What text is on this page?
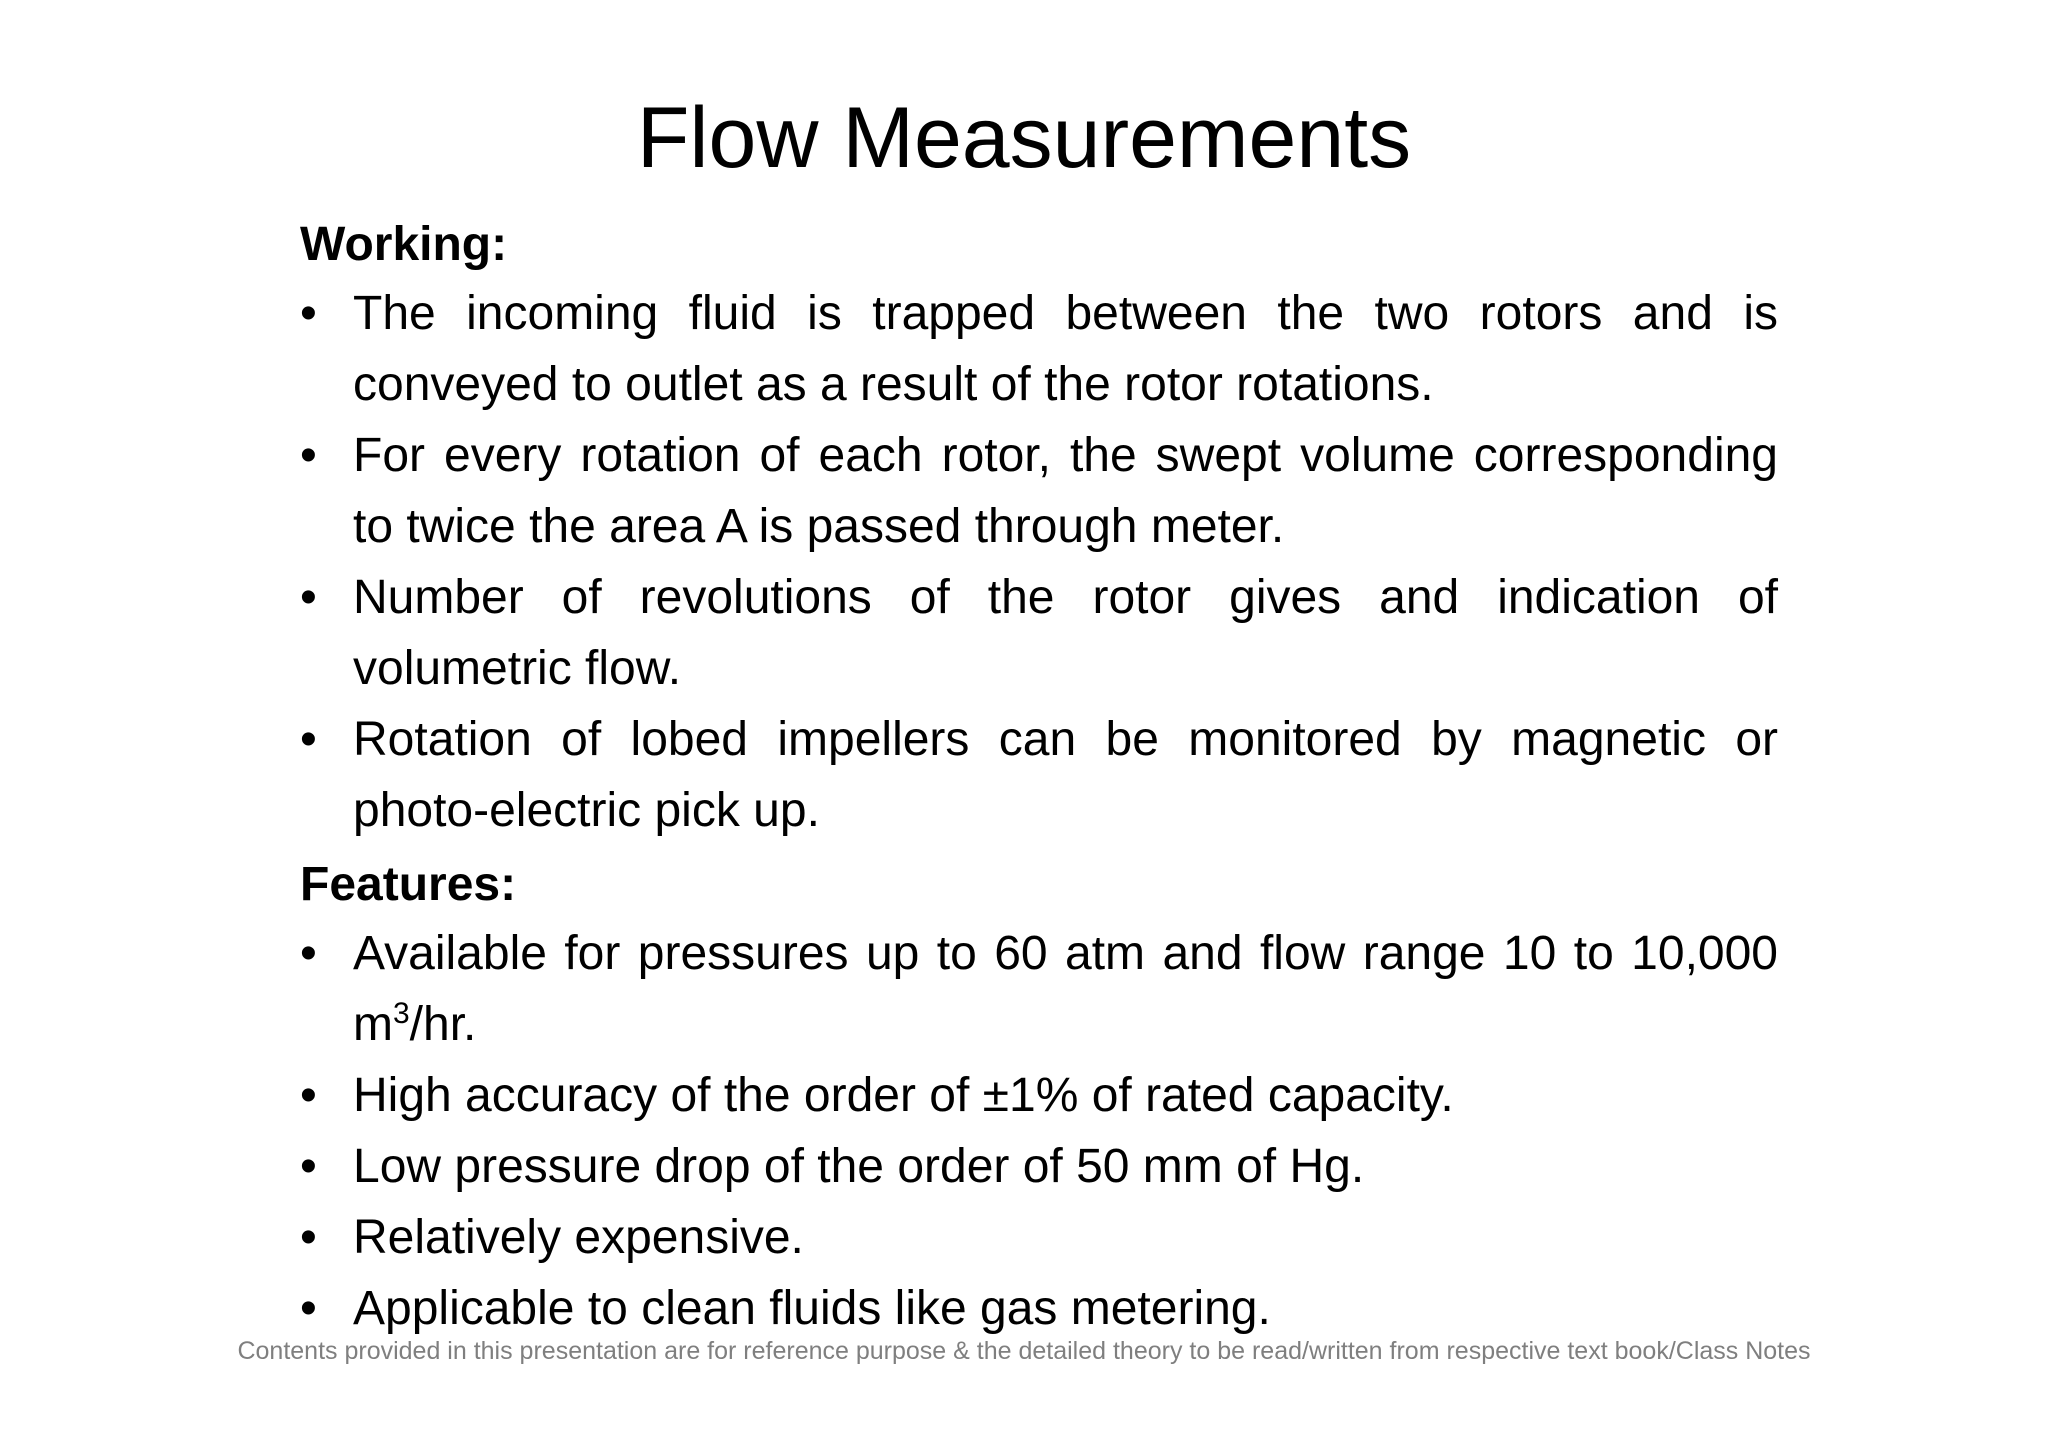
Flow Measurements

Working:

• The incoming fluid is trapped between the two rotors and is conveyed to outlet as a result of the rotor rotations.
• For every rotation of each rotor, the swept volume corresponding to twice the area A is passed through meter.
• Number of revolutions of the rotor gives and indication of volumetric flow.
• Rotation of lobed impellers can be monitored by magnetic or photo-electric pick up.

Features:

• Available for pressures up to 60 atm and flow range 10 to 10,000 $m^3/hr$.
• High accuracy of the order of ±1% of rated capacity.
• Low pressure drop of the order of 50 mm of Hg.
• Relatively expensive.
• Applicable to clean fluids like gas metering.
Contents provided in this presentation are for reference purpose & the detailed theory to be read/written from respective text book/Class Notes
